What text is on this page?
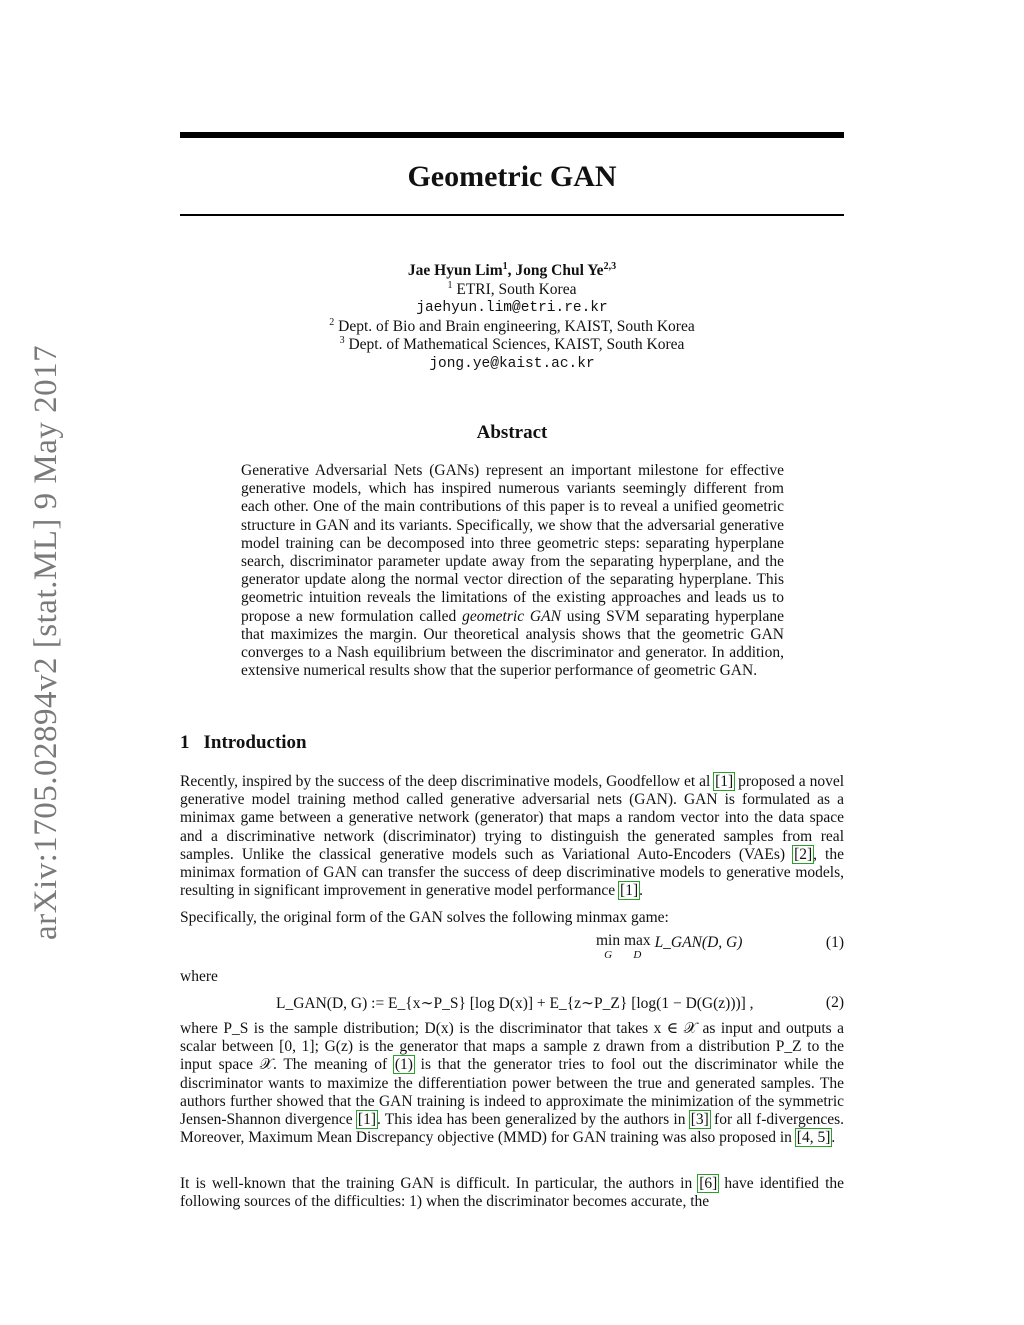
arXiv:1705.02894v2 [stat.ML] 9 May 2017
Geometric GAN
Jae Hyun Lim$^1$, Jong Chul Ye$^{2,3}$
$^1$ ETRI, South Korea
jaehyun.lim@etri.re.kr
$^2$ Dept. of Bio and Brain engineering, KAIST, South Korea
$^3$ Dept. of Mathematical Sciences, KAIST, South Korea
jong.ye@kaist.ac.kr
Abstract
Generative Adversarial Nets (GANs) represent an important milestone for effective generative models, which has inspired numerous variants seemingly different from each other. One of the main contributions of this paper is to reveal a unified geometric structure in GAN and its variants. Specifically, we show that the adversarial generative model training can be decomposed into three geometric steps: separating hyperplane search, discriminator parameter update away from the separating hyperplane, and the generator update along the normal vector direction of the separating hyperplane. This geometric intuition reveals the limitations of the existing approaches and leads us to propose a new formulation called geometric GAN using SVM separating hyperplane that maximizes the margin. Our theoretical analysis shows that the geometric GAN converges to a Nash equilibrium between the discriminator and generator. In addition, extensive numerical results show that the superior performance of geometric GAN.
1 Introduction
Recently, inspired by the success of the deep discriminative models, Goodfellow et al [1] proposed a novel generative model training method called generative adversarial nets (GAN). GAN is formulated as a minimax game between a generative network (generator) that maps a random vector into the data space and a discriminative network (discriminator) trying to distinguish the generated samples from real samples. Unlike the classical generative models such as Variational Auto-Encoders (VAEs) [2], the minimax formation of GAN can transfer the success of deep discriminative models to generative models, resulting in significant improvement in generative model performance [1].
Specifically, the original form of the GAN solves the following minmax game:
min
G
max
D
L_GAN(D, G)	(1)
where
L_GAN(D, G) := E_{x∼P_S} [log D(x)] + E_{z∼P_Z} [log(1 − D(G(z)))] ,	(2)
where P_S is the sample distribution; D(x) is the discriminator that takes x ∈ 𝒳 as input and outputs a scalar between [0, 1]; G(z) is the generator that maps a sample z drawn from a distribution P_Z to the input space 𝒳. The meaning of (1) is that the generator tries to fool out the discriminator while the discriminator wants to maximize the differentiation power between the true and generated samples. The authors further showed that the GAN training is indeed to approximate the minimization of the symmetric Jensen-Shannon divergence [1]. This idea has been generalized by the authors in [3] for all f-divergences. Moreover, Maximum Mean Discrepancy objective (MMD) for GAN training was also proposed in [4, 5].
It is well-known that the training GAN is difficult. In particular, the authors in [6] have identified the following sources of the difficulties: 1) when the discriminator becomes accurate, the
